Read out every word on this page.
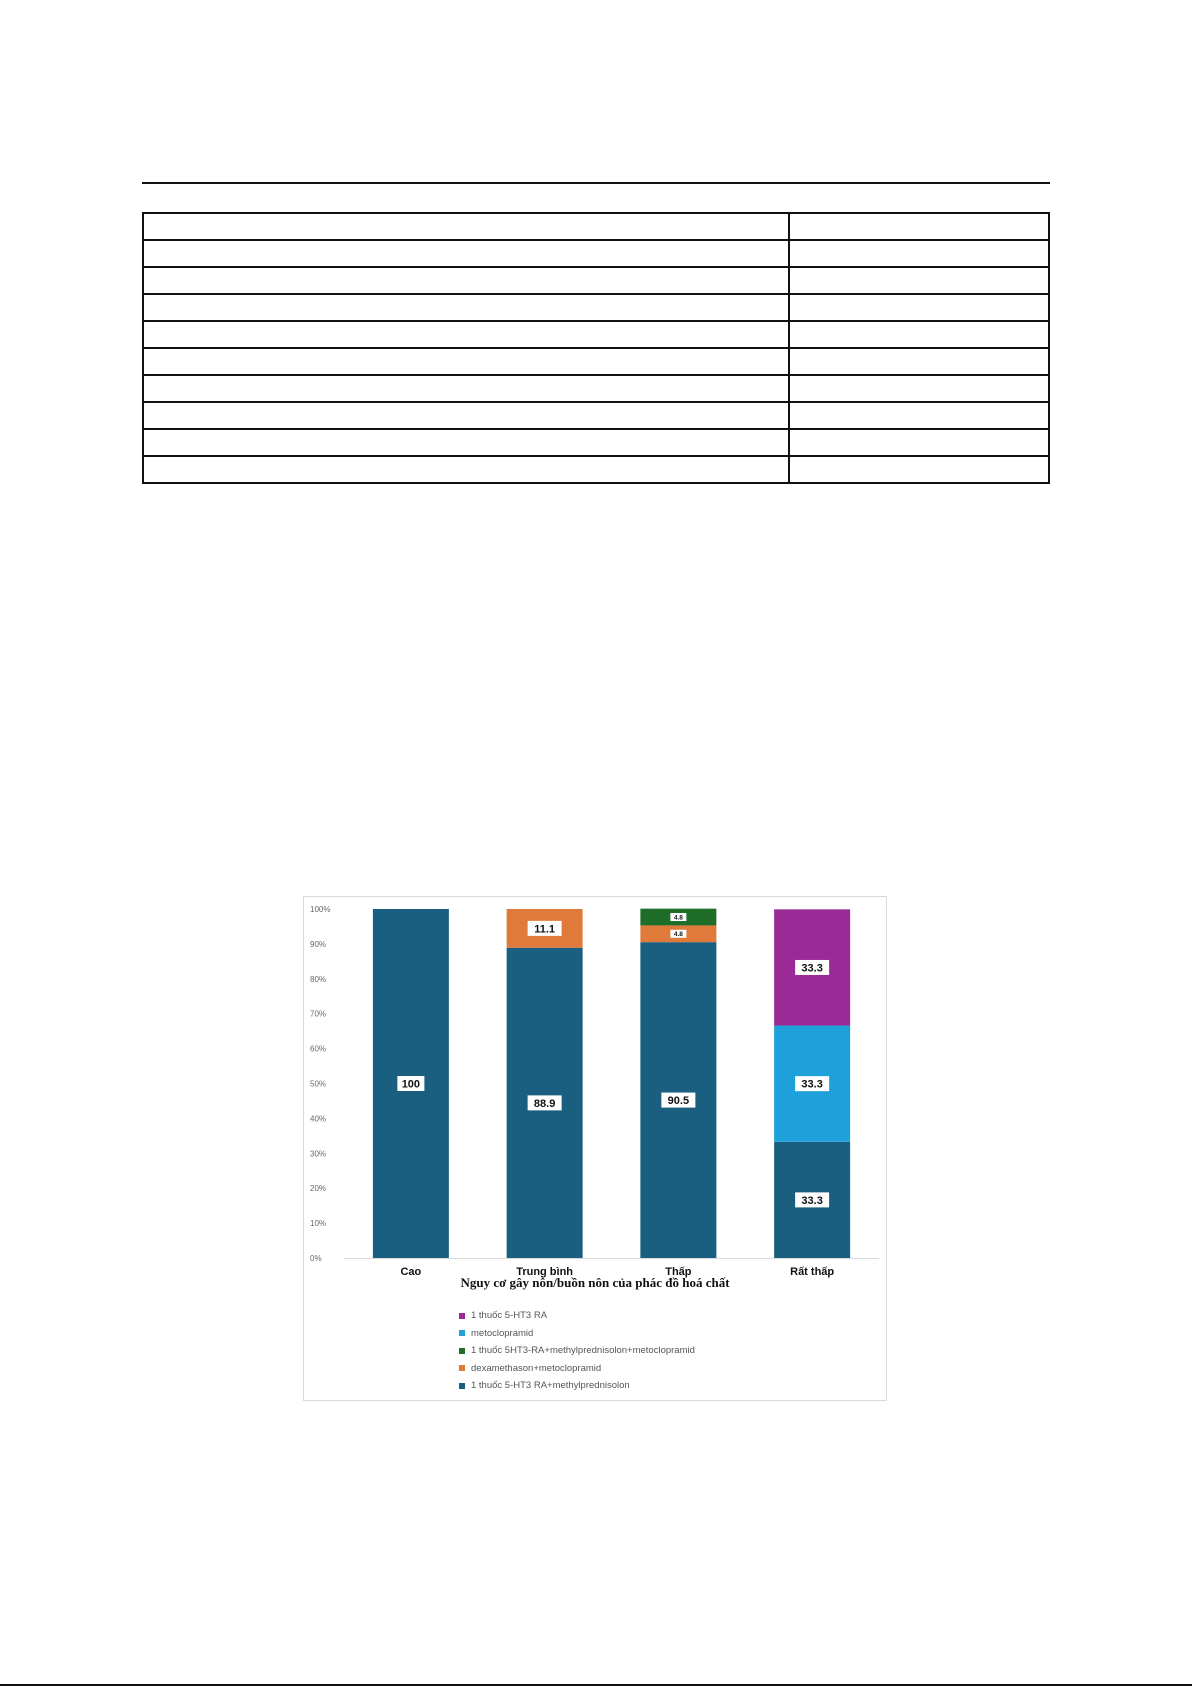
0%
10%
20%
30%
40%
50%
60%
70%
80%
90%
100%
100
Cao
88.9
11.1
Trung bình
90.5
4.8
4.8
Thấp
33.3
33.3
33.3
Rất thấp
Nguy cơ gây nôn/buồn nôn của phác đồ hoá chất
1 thuốc 5-HT3 RA
metoclopramid
1 thuốc 5HT3-RA+methylprednisolon+metoclopramid
dexamethason+metoclopramid
1 thuốc 5-HT3 RA+methylprednisolon
